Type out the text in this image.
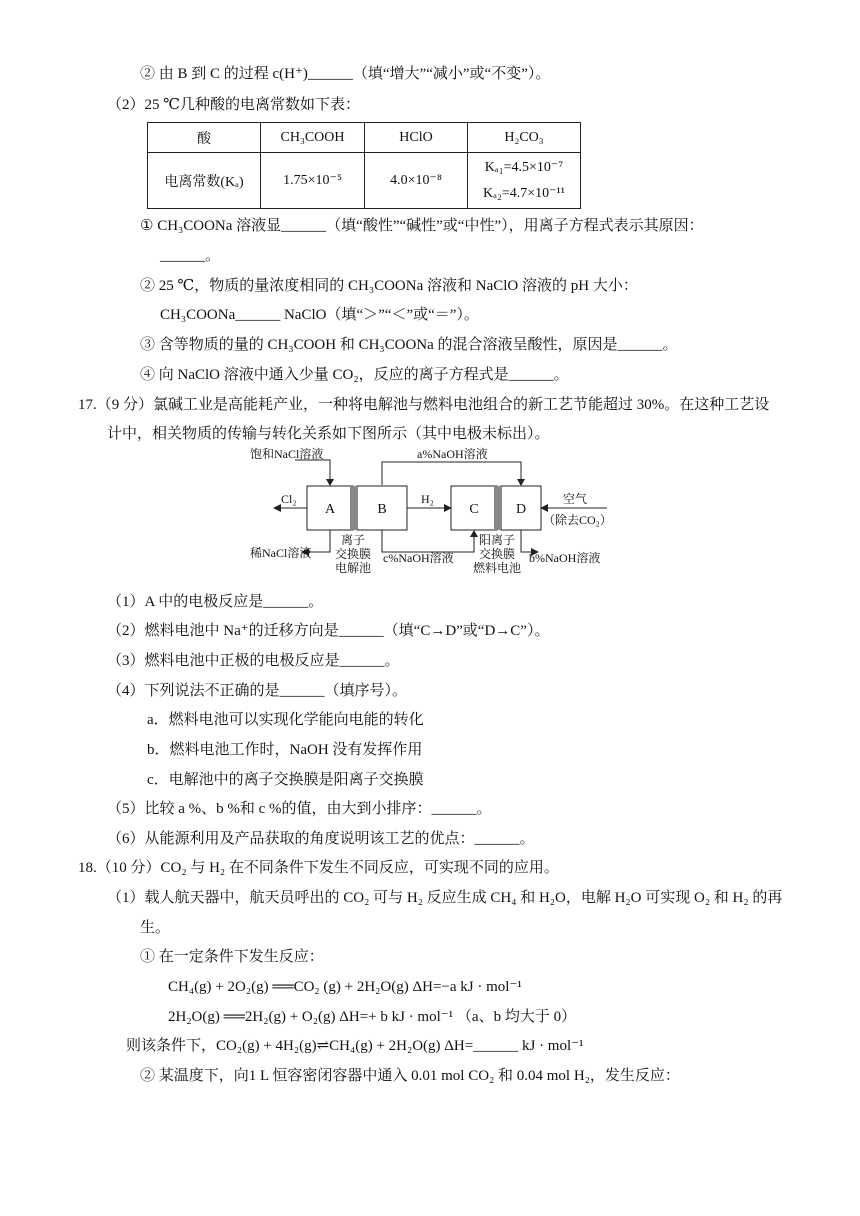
② 由 B 到 C 的过程 c(H⁺)______（填“增大”“减小”或“不变”）。
（2）25 ℃几种酸的电离常数如下表：
酸	CH₃COOH	HClO	H₂CO₃
电离常数(Kₐ)	1.75×10⁻⁵	4.0×10⁻⁸	Kₐ₁=4.5×10⁻⁷
Kₐ₂=4.7×10⁻¹¹
① CH₃COONa 溶液显______（填“酸性”“碱性”或“中性”），用离子方程式表示其原因：
______。
② 25 ℃，物质的量浓度相同的 CH₃COONa 溶液和 NaClO 溶液的 pH 大小：
CH₃COONa______ NaClO（填“＞”“＜”或“＝”）。
③ 含等物质的量的 CH₃COOH 和 CH₃COONa 的混合溶液呈酸性，原因是______。
④ 向 NaClO 溶液中通入少量 CO₂，反应的离子方程式是______。
17.（9 分）氯碱工业是高能耗产业，一种将电解池与燃料电池组合的新工艺节能超过 30%。在这种工艺设
计中，相关物质的传输与转化关系如下图所示（其中电极未标出）。
A	B	C	D
饱和NaCl溶液	a%NaOH溶液
Cl₂	H₂	空气
（除去CO₂）
稀NaCl溶液
离子
交换膜
电解池
c%NaOH溶液
阳离子
交换膜
燃料电池
b%NaOH溶液
（1）A 中的电极反应是______。
（2）燃料电池中 Na⁺的迁移方向是______（填“C→D”或“D→C”）。
（3）燃料电池中正极的电极反应是______。
（4）下列说法不正确的是______（填序号）。
a．燃料电池可以实现化学能向电能的转化
b．燃料电池工作时，NaOH 没有发挥作用
c．电解池中的离子交换膜是阳离子交换膜
（5）比较 a %、b %和 c %的值，由大到小排序：______。
（6）从能源利用及产品获取的角度说明该工艺的优点：______。
18.（10 分）CO₂ 与 H₂ 在不同条件下发生不同反应，可实现不同的应用。
（1）载人航天器中，航天员呼出的 CO₂ 可与 H₂ 反应生成 CH₄ 和 H₂O，电解 H₂O 可实现 O₂ 和 H₂ 的再
生。
① 在一定条件下发生反应：
CH₄(g) + 2O₂(g) ══CO₂ (g) + 2H₂O(g) ΔH=−a kJ · mol⁻¹
2H₂O(g) ══2H₂(g) + O₂(g) ΔH=+ b kJ · mol⁻¹ （a、b 均大于 0）
则该条件下，CO₂(g) + 4H₂(g)⇌CH₄(g) + 2H₂O(g) ΔH=______ kJ · mol⁻¹
② 某温度下，向1 L 恒容密闭容器中通入 0.01 mol CO₂ 和 0.04 mol H₂，发生反应：
